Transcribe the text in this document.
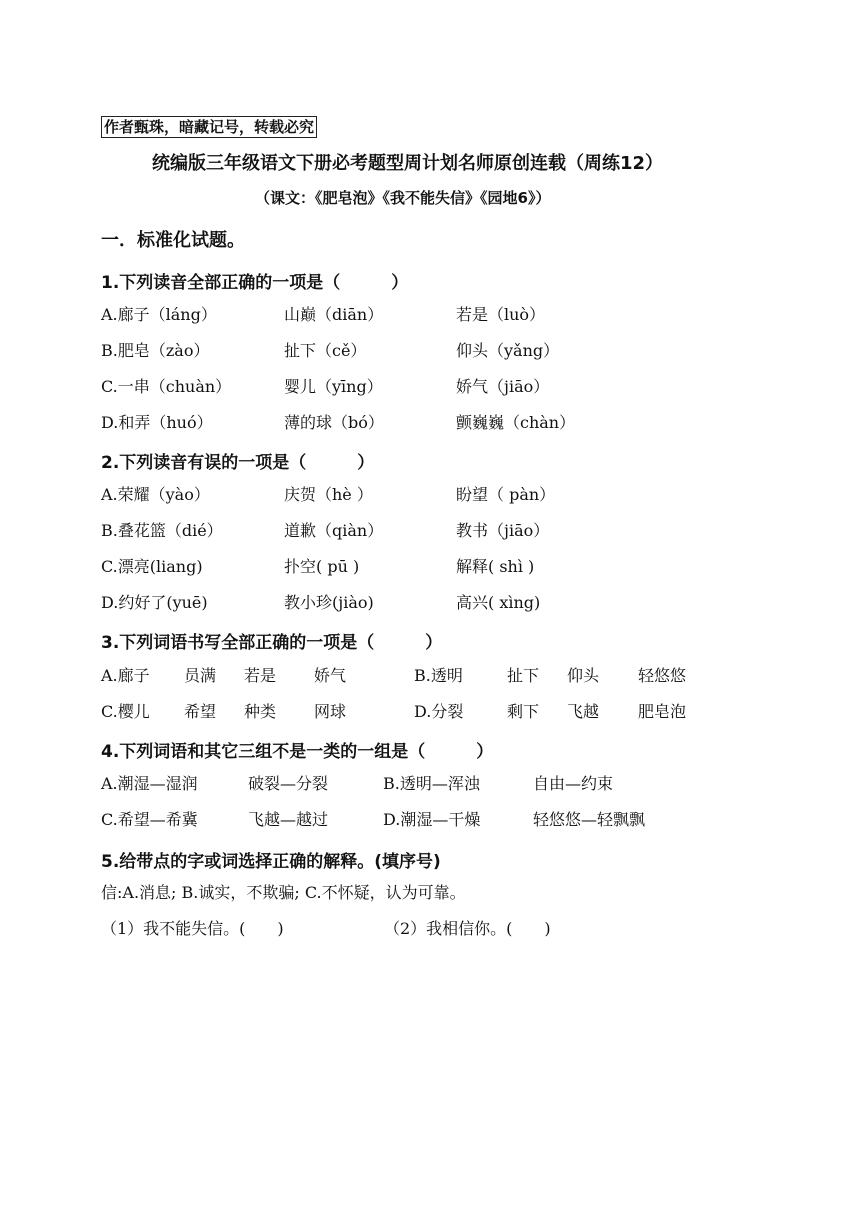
作者甄珠，暗藏记号，转载必究
统编版三年级语文下册必考题型周计划名师原创连载（周练12）
（课文：《肥皂泡》《我不能失信》《园地6》）
一．标准化试题。
1.下列读音全部正确的一项是（　　　）
A.廊子（láng）	山巅（diān）	若是（luò）
B.肥皂（zào）	扯下（cě）	仰头（yǎng）
C.一串（chuàn）	婴儿（yīng）	娇气（jiāo）
D.和弄（huó）	薄的球（bó）	颤巍巍（chàn）
2.下列读音有误的一项是（　　　）
A.荣耀（yào）	庆贺（hè ）	盼望（ pàn）
B.叠花篮（dié）	道歉（qiàn）	教书（jiāo）
C.漂亮(liang)	扑空( pū )	解释( shì )
D.约好了(yuē)	教小珍(jiào)	高兴( xìng)
3.下列词语书写全部正确的一项是（　　　）
A.廊子 员满 若是 娇气	B.透明	扯下 仰头 轻悠悠
C.樱儿 希望 种类 网球	D.分裂	剩下 飞越 肥皂泡
4.下列词语和其它三组不是一类的一组是（　　　）
A.潮湿—湿润	破裂—分裂	B.透明—浑浊	自由—约束
C.希望—希冀	飞越—越过	D.潮湿—干燥	轻悠悠—轻飘飘
5.给带点的字或词选择正确的解释。(填序号)
信:A.消息; B.诚实，不欺骗; C.不怀疑，认为可靠。
（1）我不能失信。(　　)	（2）我相信你。(　　)
